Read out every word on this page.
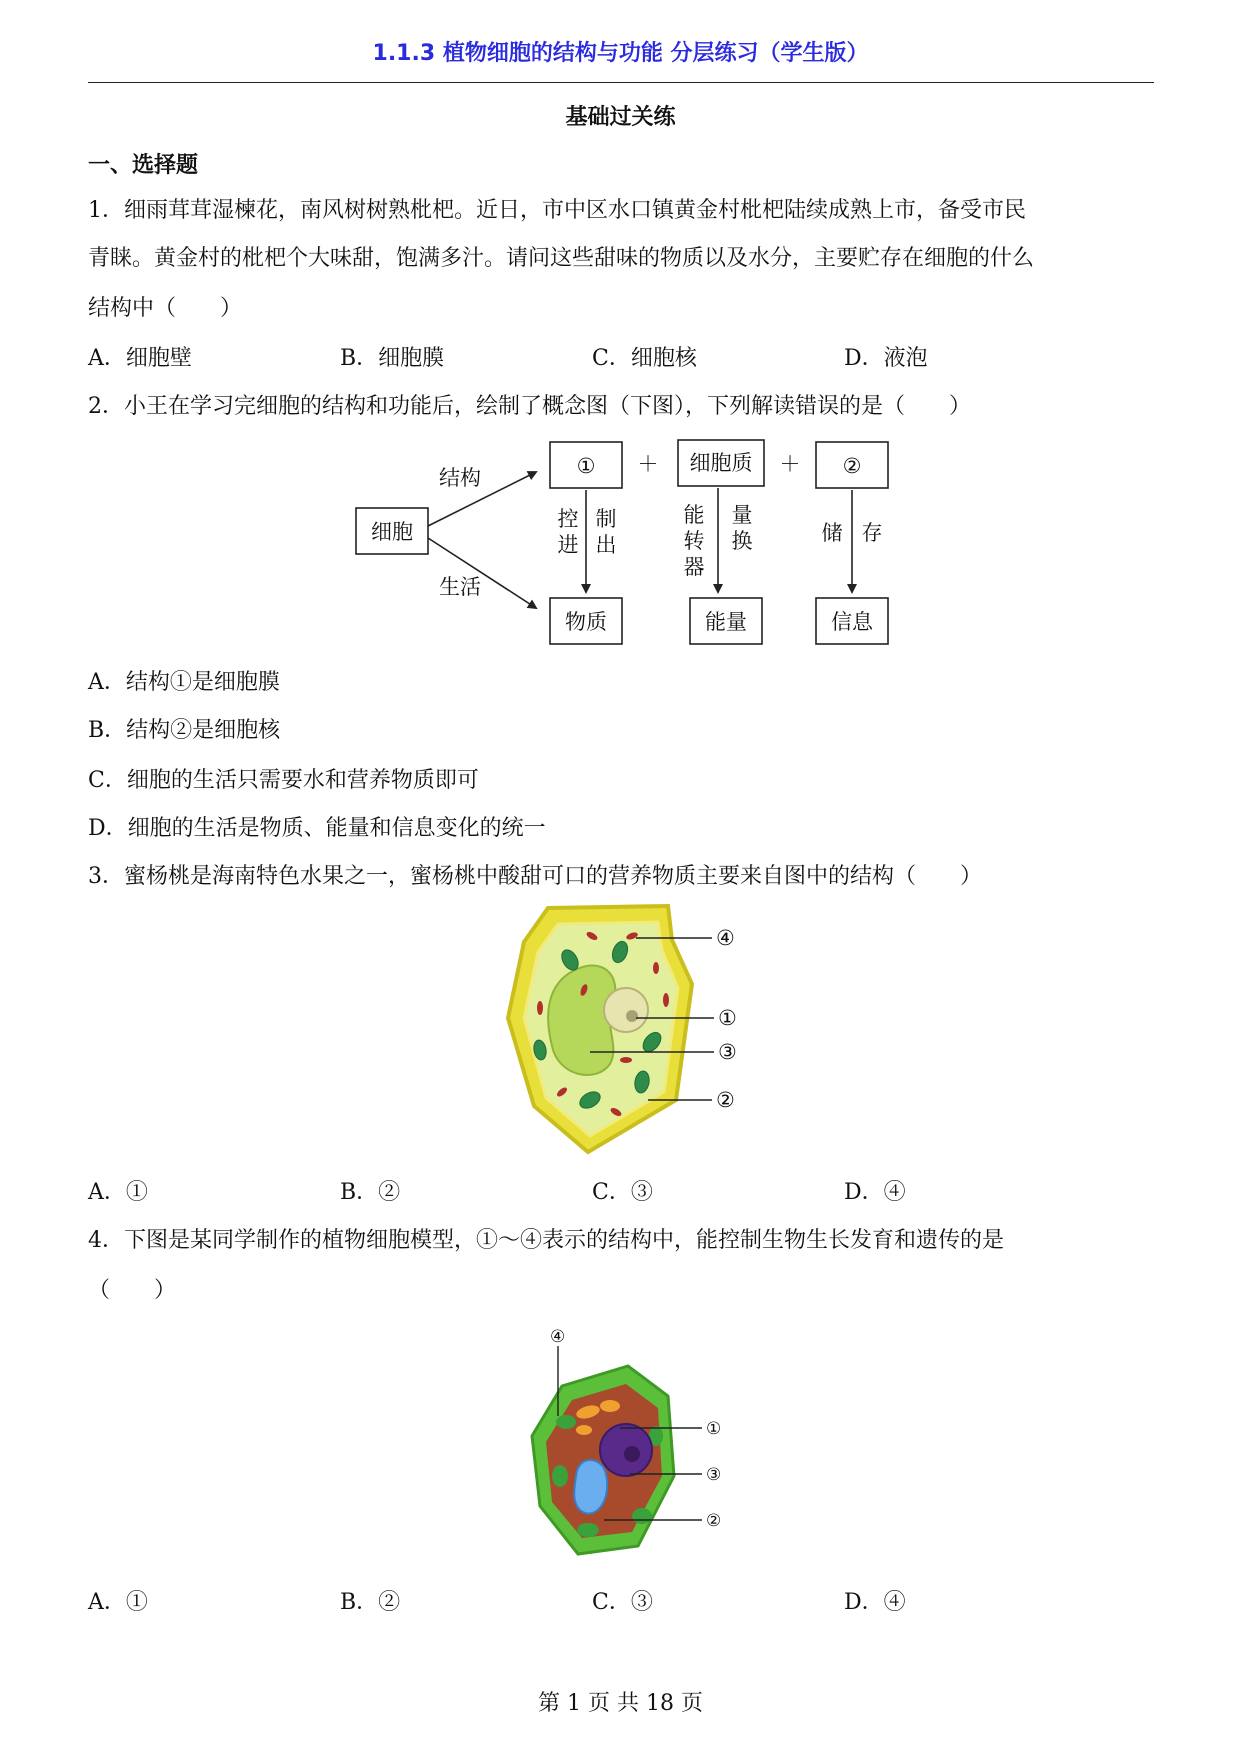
1.1.3 植物细胞的结构与功能 分层练习（学生版）
基础过关练
一、选择题
1．细雨茸茸湿楝花，南风树树熟枇杷。近日，市中区水口镇黄金村枇杷陆续成熟上市，备受市民
青睐。黄金村的枇杷个大味甜，饱满多汁。请问这些甜味的物质以及水分，主要贮存在细胞的什么
结构中（　　）
A．细胞壁	B．细胞膜	C．细胞核	D．液泡
2．小王在学习完细胞的结构和功能后，绘制了概念图（下图），下列解读错误的是（　　）
细胞
① ＋ 细胞质 ＋ ②
结构
生活
控
进
制
出
能
转
器
量
换	储 存
物质	能量	信息
A．结构①是细胞膜
B．结构②是细胞核
C．细胞的生活只需要水和营养物质即可
D．细胞的生活是物质、能量和信息变化的统一
3．蜜杨桃是海南特色水果之一，蜜杨桃中酸甜可口的营养物质主要来自图中的结构（　　）
④
①
③
②
A．①	B．②	C．③	D．④
4．下图是某同学制作的植物细胞模型，①～④表示的结构中，能控制生物生长发育和遗传的是
（　　）
④
①
③
②
A．①	B．②	C．③	D．④
第 1 页 共 18 页
